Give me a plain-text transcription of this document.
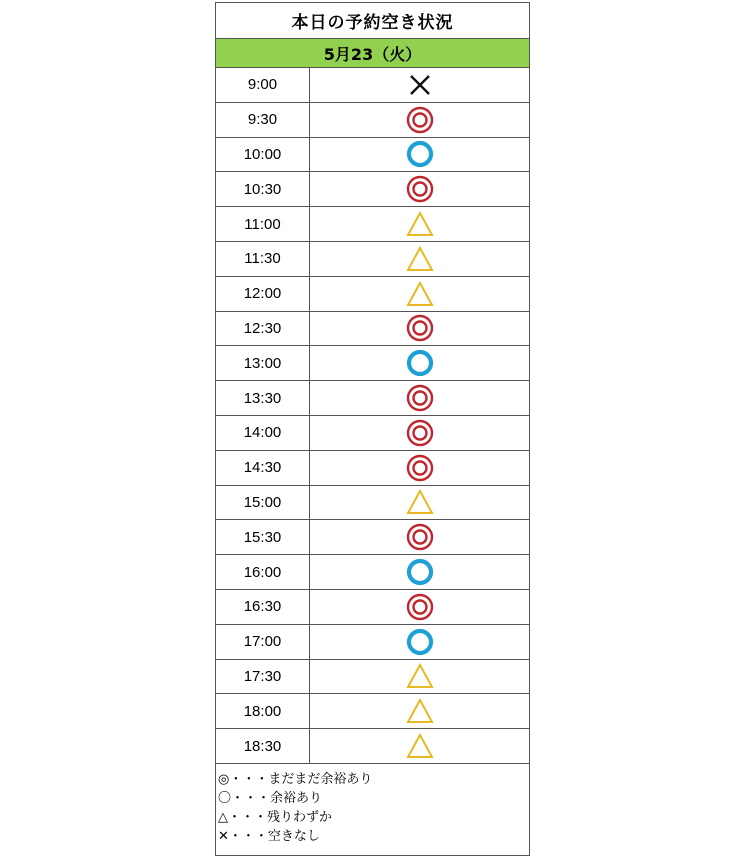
本日の予約空き状況
5月23（火）
9:00
9:30
10:00
10:30
11:00
11:30
12:00
12:30
13:00
13:30
14:00
14:30
15:00
15:30
16:00
16:30
17:00
17:30
18:00
18:30
◎・・・まだまだ余裕あり
〇・・・余裕あり
△・・・残りわずか
✕・・・空きなし
